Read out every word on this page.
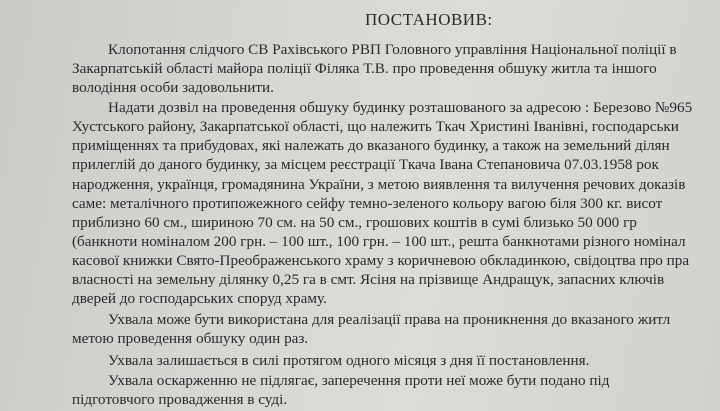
ПОСТАНОВИВ:
Клопотання слідчого СВ Рахівського РВП Головного управління Національної поліції в
Закарпатській області майора поліції Філяка Т.В. про проведення обшуку житла та іншого
володіння особи задовольнити.
Надати дозвіл на проведення обшуку будинку розташованого за адресою : Березово №965
Хустського району, Закарпатської області, що належить Ткач Христині Іванівні, господарськи
приміщеннях та прибудовах, які належать до вказаного будинку, а також на земельний ділян
прилеглій до даного будинку, за місцем реєстрації Ткача Івана Степановича 07.03.1958 рок
народження, українця, громадянина України, з метою виявлення та вилучення речових доказів
саме: металічного протипожежного сейфу темно-зеленого кольору вагою біля 300 кг. висот
приблизно 60 см., шириною 70 см. на 50 см., грошових коштів в сумі близько 50 000 гр
(банкноти номіналом 200 грн. – 100 шт., 100 грн. – 100 шт., решта банкнотами різного номінал
касової книжки Свято-Преображенського храму з коричневою обкладинкою, свідоцтва про пра
власності на земельну ділянку 0,25 га в смт. Ясіня на прізвище Андращук, запасних ключів
дверей до господарських споруд храму.
Ухвала може бути використана для реалізації права на проникнення до вказаного житл
метою проведення обшуку один раз.
Ухвала залишається в силі протягом одного місяця з дня її постановлення.
Ухвала оскарженню не підлягає, заперечення проти неї може бути подано під
підготовчого провадження в суді.
